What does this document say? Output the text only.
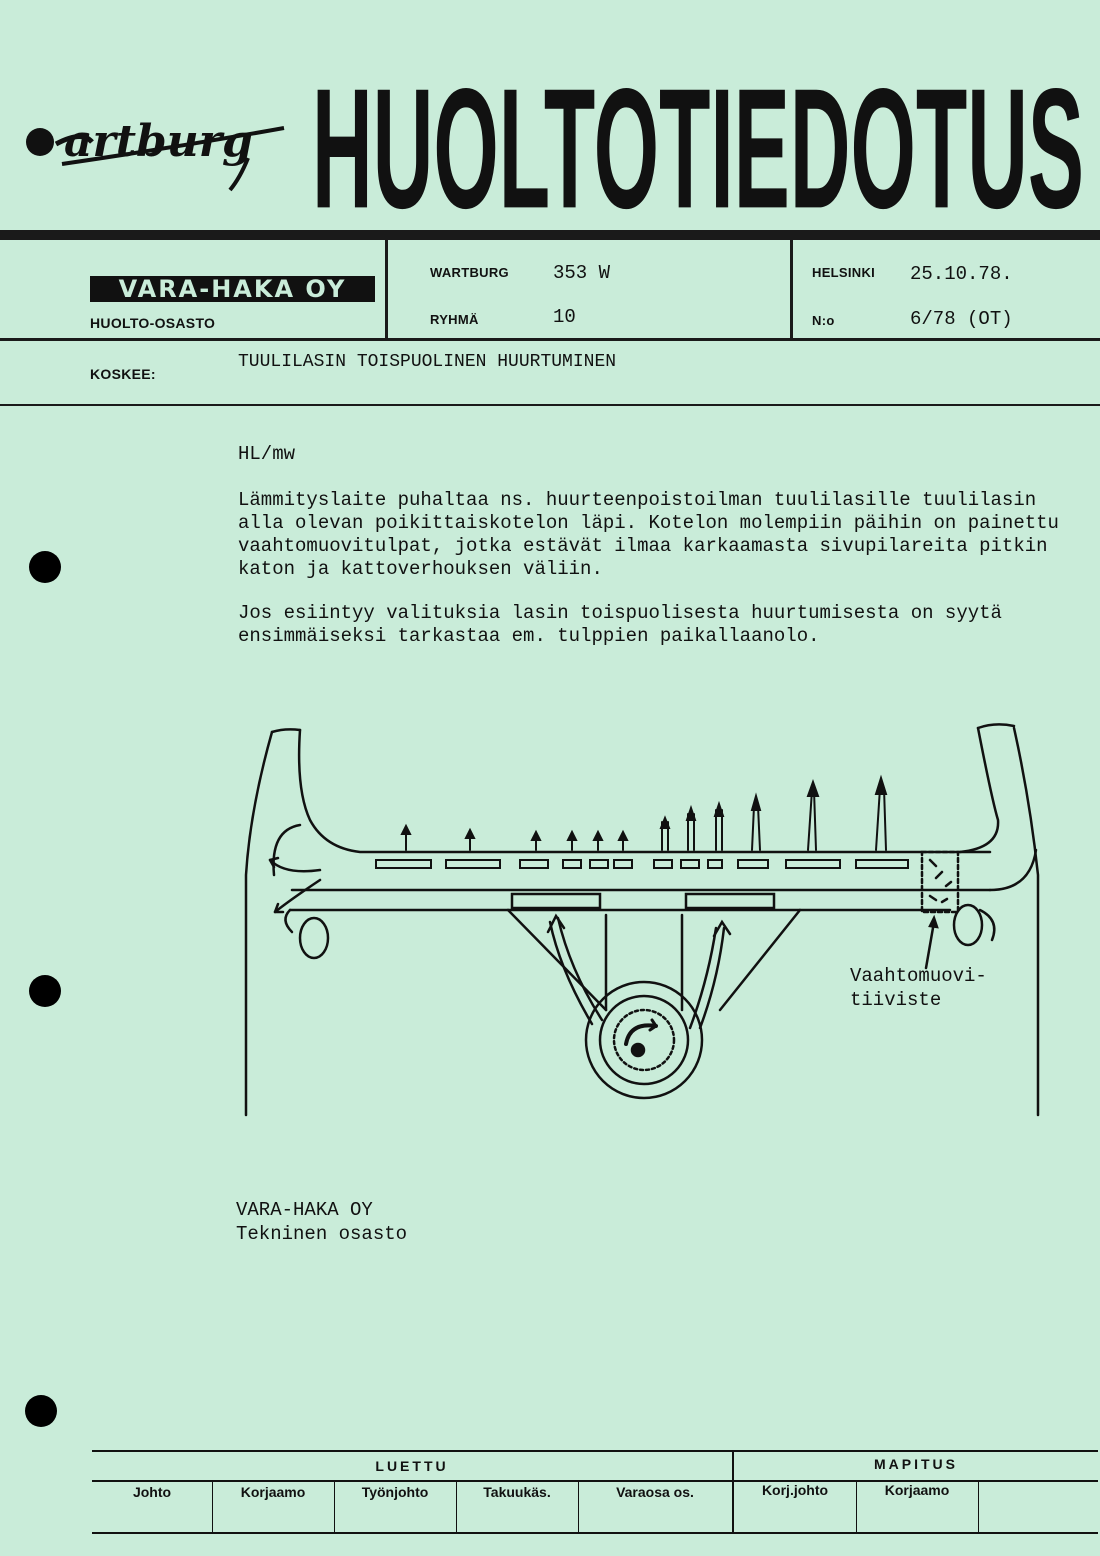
artburg HUOLTOTIEDOTUS
VARA-HAKA OY
HUOLTO-OSASTO
WARTBURG 353 W
RYHMÄ	10
HELSINKI 25.10.78.
N:o	6/78 (OT)
KOSKEE:
TUULILASIN TOISPUOLINEN HUURTUMINEN
HL/mw
Lämmityslaite puhaltaa ns. huurteenpoistoilman tuulilasille tuulilasin
alla olevan poikittaiskotelon läpi. Kotelon molempiin päihin on painettu
vaahtomuovitulpat, jotka estävät ilmaa karkaamasta sivupilareita pitkin
katon ja kattoverhouksen väliin.
Jos esiintyy valituksia lasin toispuolisesta huurtumisesta on syytä
ensimmäiseksi tarkastaa em. tulppien paikallaanolo.
Vaahtomuovi-
tiiviste
VARA-HAKA OY
Tekninen osasto
LUETTU	MAPITUS
Johto	Korjaamo	Työnjohto	Takuukäs.	Varaosa os.	Korj.johto	Korjaamo
